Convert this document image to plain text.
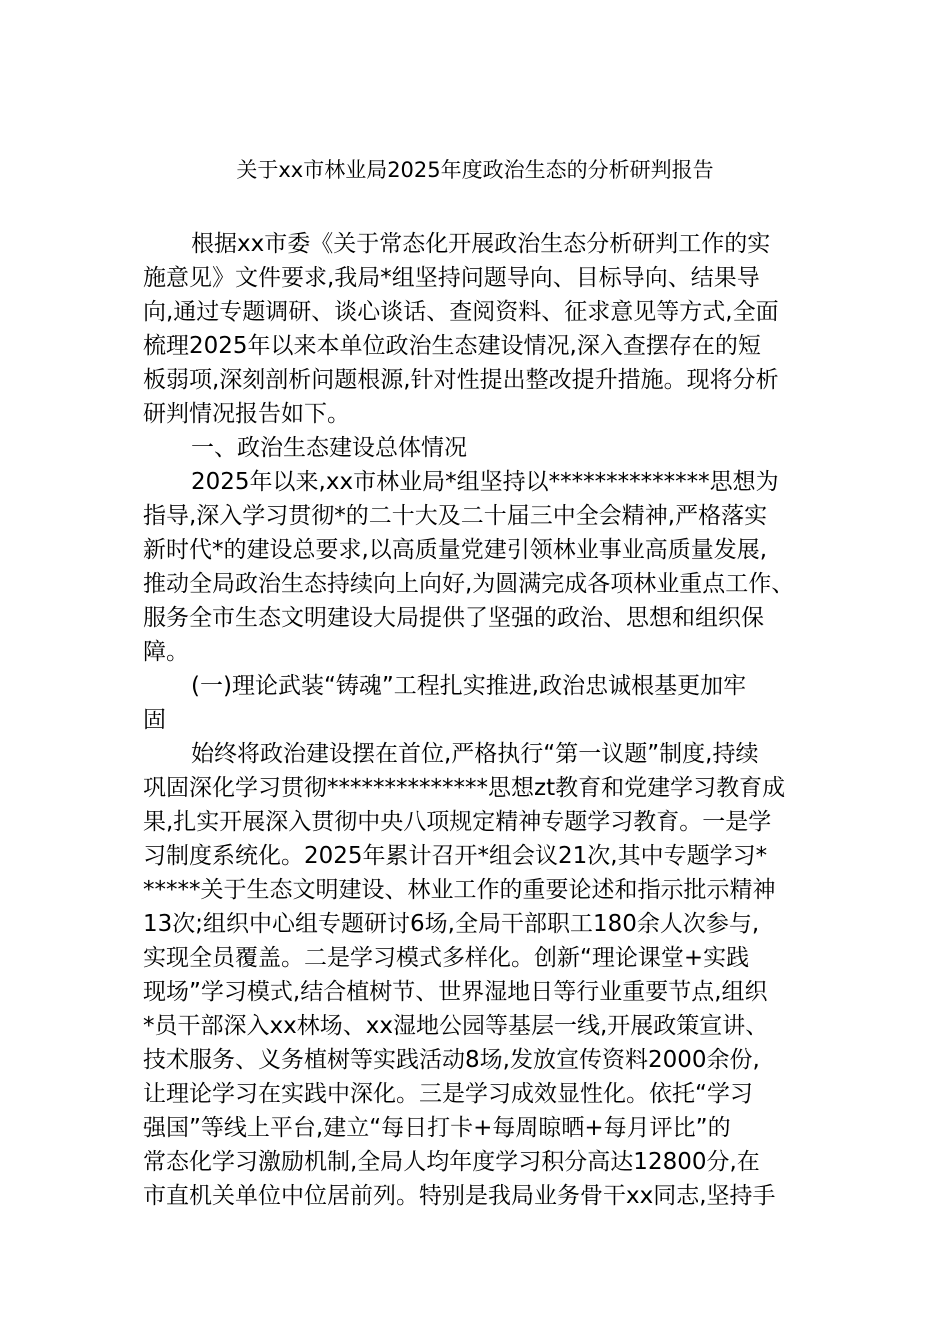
关于xx市林业局2025年度政治生态的分析研判报告
根据xx市委《关于常态化开展政治生态分析研判工作的实
施意见》文件要求,我局*组坚持问题导向、目标导向、结果导
向,通过专题调研、谈心谈话、查阅资料、征求意见等方式,全面
梳理2025年以来本单位政治生态建设情况,深入查摆存在的短
板弱项,深刻剖析问题根源,针对性提出整改提升措施。现将分析
研判情况报告如下。
一、政治生态建设总体情况
2025年以来,xx市林业局*组坚持以**************思想为
指导,深入学习贯彻*的二十大及二十届三中全会精神,严格落实
新时代*的建设总要求,以高质量党建引领林业事业高质量发展,
推动全局政治生态持续向上向好,为圆满完成各项林业重点工作、
服务全市生态文明建设大局提供了坚强的政治、思想和组织保
障。
(一)理论武装“铸魂”工程扎实推进,政治忠诚根基更加牢
固
始终将政治建设摆在首位,严格执行“第一议题”制度,持续
巩固深化学习贯彻**************思想zt教育和党建学习教育成
果,扎实开展深入贯彻中央八项规定精神专题学习教育。一是学
习制度系统化。2025年累计召开*组会议21次,其中专题学习*
*****关于生态文明建设、林业工作的重要论述和指示批示精神
13次;组织中心组专题研讨6场,全局干部职工180余人次参与,
实现全员覆盖。二是学习模式多样化。创新“理论课堂+实践
现场”学习模式,结合植树节、世界湿地日等行业重要节点,组织
*员干部深入xx林场、xx湿地公园等基层一线,开展政策宣讲、
技术服务、义务植树等实践活动8场,发放宣传资料2000余份,
让理论学习在实践中深化。三是学习成效显性化。依托“学习
强国”等线上平台,建立“每日打卡+每周晾晒+每月评比”的
常态化学习激励机制,全局人均年度学习积分高达12800分,在
市直机关单位中位居前列。特别是我局业务骨干xx同志,坚持手
